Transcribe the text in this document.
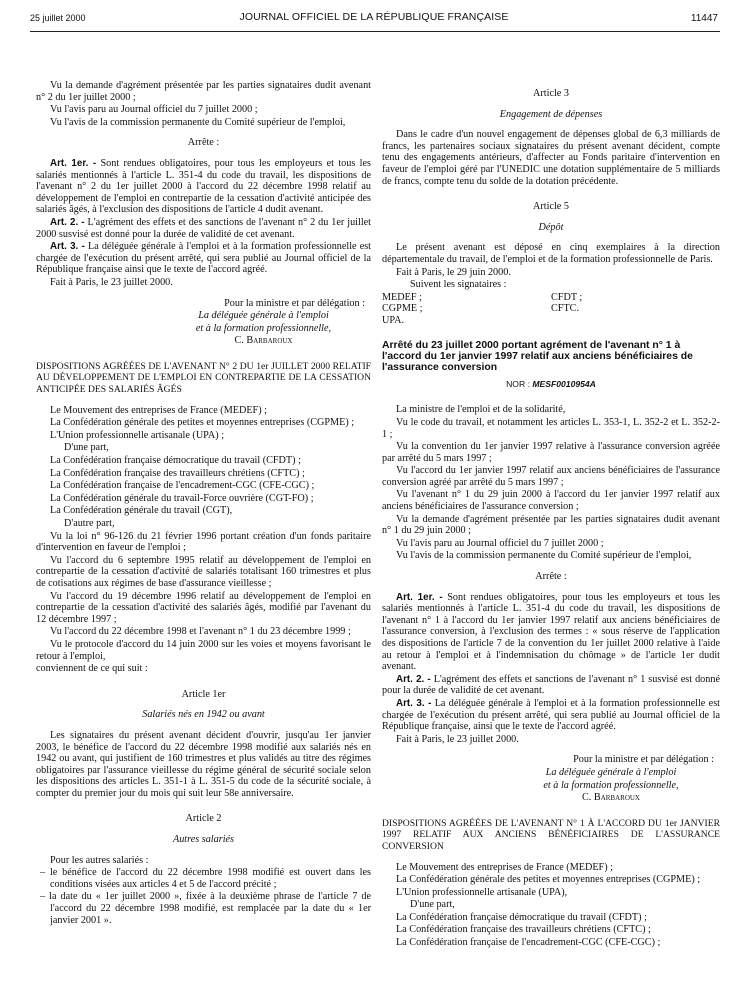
25 juillet 2000	JOURNAL OFFICIEL DE LA RÉPUBLIQUE FRANÇAISE	11447

Vu la demande d'agrément présentée par les parties signataires dudit avenant n° 2 du 1er juillet 2000 ;

Vu l'avis paru au Journal officiel du 7 juillet 2000 ;

Vu l'avis de la commission permanente du Comité supérieur de l'emploi,

Arrête :

Art. 1er. - Sont rendues obligatoires, pour tous les employeurs et tous les salariés mentionnés à l'article L. 351-4 du code du travail, les dispositions de l'avenant n° 2 du 1er juillet 2000 à l'accord du 22 décembre 1998 relatif au développement de l'emploi en contrepartie de la cessation d'activité anticipée des salariés âgés, à l'exclusion des dispositions de l'article 4 dudit avenant.

Art. 2. - L'agrément des effets et des sanctions de l'avenant n° 2 du 1er juillet 2000 susvisé est donné pour la durée de validité de cet avenant.

Art. 3. - La déléguée générale à l'emploi et à la formation professionnelle est chargée de l'exécution du présent arrêté, qui sera publié au Journal officiel de la République française ainsi que le texte de l'accord agréé.

Fait à Paris, le 23 juillet 2000.

Pour la ministre et par délégation :

La déléguée générale à l'emploi

et à la formation professionnelle,

C. Barbaroux

DISPOSITIONS AGRÉÉES DE L'AVENANT N° 2 DU 1er JUILLET 2000 RELATIF AU DÉVELOPPEMENT DE L'EMPLOI EN CONTREPARTIE DE LA CESSATION ANTICIPÉE DES SALARIÉS ÂGÉS

Le Mouvement des entreprises de France (MEDEF) ;

La Confédération générale des petites et moyennes entreprises (CGPME) ;

L'Union professionnelle artisanale (UPA) ;

D'une part,

La Confédération française démocratique du travail (CFDT) ;

La Confédération française des travailleurs chrétiens (CFTC) ;

La Confédération française de l'encadrement-CGC (CFE-CGC) ;

La Confédération générale du travail-Force ouvrière (CGT-FO) ;

La Confédération générale du travail (CGT),

D'autre part,

Vu la loi n° 96-126 du 21 février 1996 portant création d'un fonds paritaire d'intervention en faveur de l'emploi ;

Vu l'accord du 6 septembre 1995 relatif au développement de l'emploi en contrepartie de la cessation d'activité de salariés totalisant 160 trimestres et plus de cotisations aux régimes de base d'assurance vieillesse ;

Vu l'accord du 19 décembre 1996 relatif au développement de l'emploi en contrepartie de la cessation d'activité des salariés âgés, modifié par l'avenant du 12 décembre 1997 ;

Vu l'accord du 22 décembre 1998 et l'avenant n° 1 du 23 décembre 1999 ;

Vu le protocole d'accord du 14 juin 2000 sur les voies et moyens favorisant le retour à l'emploi,

conviennent de ce qui suit :

Article 1er

Salariés nés en 1942 ou avant

Les signataires du présent avenant décident d'ouvrir, jusqu'au 1er janvier 2003, le bénéfice de l'accord du 22 décembre 1998 modifié aux salariés nés en 1942 ou avant, qui justifient de 160 trimestres et plus validés au titre des régimes obligatoires par l'assurance vieillesse du régime général de sécurité sociale selon les dispositions des articles L. 351-1 à L. 351-5 du code de la sécurité sociale, à compter du premier jour du mois qui suit leur 58e anniversaire.

Article 2

Autres salariés

Pour les autres salariés :

– le bénéfice de l'accord du 22 décembre 1998 modifié est ouvert dans les conditions visées aux articles 4 et 5 de l'accord précité ;

– la date du « 1er juillet 2000 », fixée à la deuxième phrase de l'article 7 de l'accord du 22 décembre 1998 modifié, est remplacée par la date du « 1er janvier 2001 ».

Article 3

Engagement de dépenses

Dans le cadre d'un nouvel engagement de dépenses global de 6,3 milliards de francs, les partenaires sociaux signataires du présent avenant décident, compte tenu des engagements antérieurs, d'affecter au Fonds paritaire d'intervention en faveur de l'emploi géré par l'UNEDIC une dotation supplémentaire de 5 milliards de francs, compte tenu du solde de la dotation précédente.

Article 5

Dépôt

Le présent avenant est déposé en cinq exemplaires à la direction départementale du travail, de l'emploi et de la formation professionnelle de Paris.

Fait à Paris, le 29 juin 2000.

Suivent les signataires :

MEDEF ;	CFDT ;
CGPME ;	CFTC.
UPA.

Arrêté du 23 juillet 2000 portant agrément de l'avenant n° 1 à l'accord du 1er janvier 1997 relatif aux anciens bénéficiaires de l'assurance conversion

NOR : MESF0010954A

La ministre de l'emploi et de la solidarité,

Vu le code du travail, et notamment les articles L. 353-1, L. 352-2 et L. 352-2-1 ;

Vu la convention du 1er janvier 1997 relative à l'assurance conversion agréée par arrêté du 5 mars 1997 ;

Vu l'accord du 1er janvier 1997 relatif aux anciens bénéficiaires de l'assurance conversion agréé par arrêté du 5 mars 1997 ;

Vu l'avenant n° 1 du 29 juin 2000 à l'accord du 1er janvier 1997 relatif aux anciens bénéficiaires de l'assurance conversion ;

Vu la demande d'agrément présentée par les parties signataires dudit avenant n° 1 du 29 juin 2000 ;

Vu l'avis paru au Journal officiel du 7 juillet 2000 ;

Vu l'avis de la commission permanente du Comité supérieur de l'emploi,

Arrête :

Art. 1er. - Sont rendues obligatoires, pour tous les employeurs et tous les salariés mentionnés à l'article L. 351-4 du code du travail, les dispositions de l'avenant n° 1 à l'accord du 1er janvier 1997 relatif aux anciens bénéficiaires de l'assurance conversion, à l'exclusion des termes : « sous réserve de l'application des dispositions de l'article 7 de la convention du 1er juillet 2000 relative à l'aide au retour à l'emploi et à l'indemnisation du chômage » de l'article 1er dudit avenant.

Art. 2. - L'agrément des effets et sanctions de l'avenant n° 1 susvisé est donné pour la durée de validité de cet avenant.

Art. 3. - La déléguée générale à l'emploi et à la formation professionnelle est chargée de l'exécution du présent arrêté, qui sera publié au Journal officiel de la République française, ainsi que le texte de l'accord agréé.

Fait à Paris, le 23 juillet 2000.

Pour la ministre et par délégation :

La déléguée générale à l'emploi

et à la formation professionnelle,

C. Barbaroux

DISPOSITIONS AGRÉÉES DE L'AVENANT N° 1 À L'ACCORD DU 1er JANVIER 1997 RELATIF AUX ANCIENS BÉNÉFICIAIRES DE L'ASSURANCE CONVERSION

Le Mouvement des entreprises de France (MEDEF) ;

La Confédération générale des petites et moyennes entreprises (CGPME) ;

L'Union professionnelle artisanale (UPA),

D'une part,

La Confédération française démocratique du travail (CFDT) ;

La Confédération française des travailleurs chrétiens (CFTC) ;

La Confédération française de l'encadrement-CGC (CFE-CGC) ;
